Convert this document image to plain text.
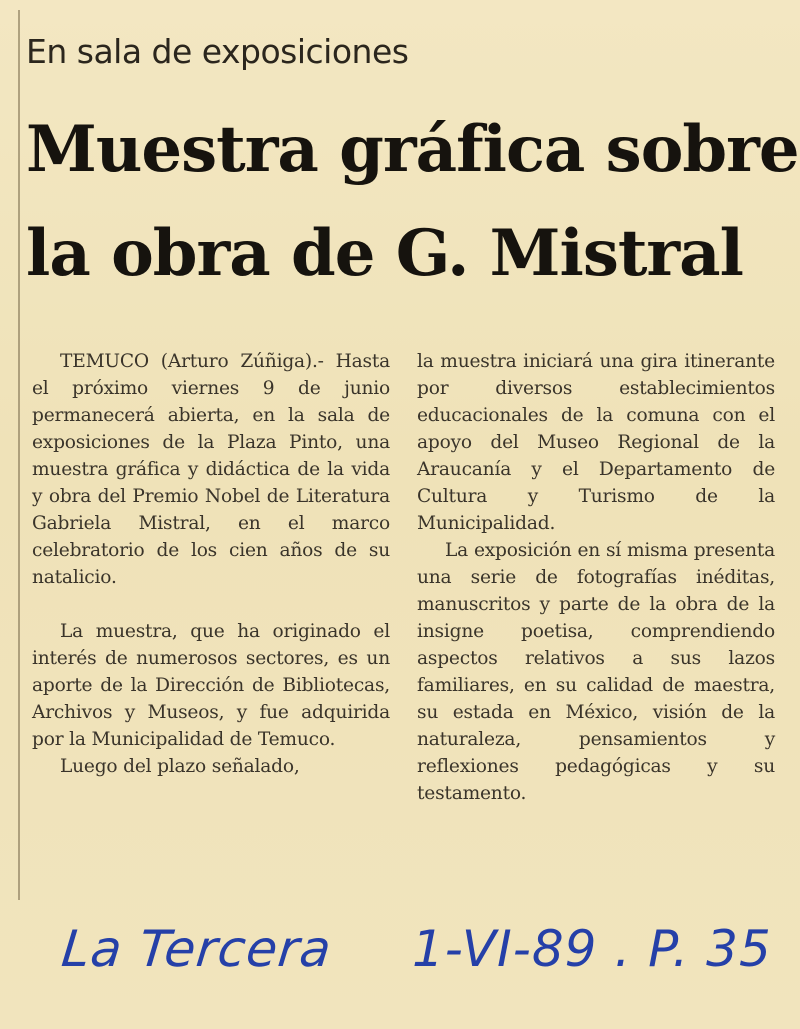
En sala de exposiciones
Muestra gráfica sobre
la obra de G. Mistral

TEMUCO (Arturo Zúñiga).- Hasta el próximo viernes 9 de junio permanecerá abierta, en la sala de exposiciones de la Plaza Pinto, una muestra gráfica y didáctica de la vida y obra del Premio Nobel de Literatura Gabriela Mistral, en el marco celebratorio de los cien años de su natalicio.

La muestra, que ha originado el interés de numerosos sectores, es un aporte de la Dirección de Bibliotecas, Archivos y Museos, y fue adquirida por la Municipalidad de Temuco.

Luego del plazo señalado,

la muestra iniciará una gira itinerante por diversos establecimientos educacionales de la comuna con el apoyo del Museo Regional de la Araucanía y el Departamento de Cultura y Turismo de la Municipalidad.

La exposición en sí misma presenta una serie de fotografías inéditas, manuscritos y parte de la obra de la insigne poetisa, comprendiendo aspectos relativos a sus lazos familiares, en su calidad de maestra, su estada en México, visión de la naturaleza, pensamientos y reflexiones pedagógicas y su testamento.

La Tercera 1-VI-89 . P. 35
